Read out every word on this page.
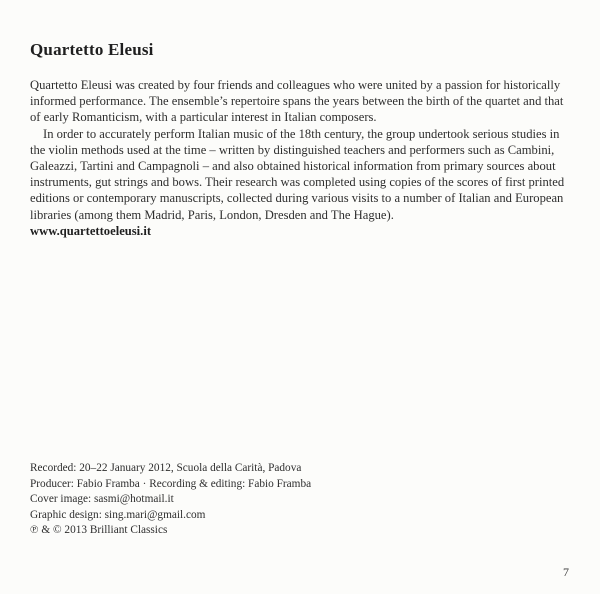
Quartetto Eleusi

Quartetto Eleusi was created by four friends and colleagues who were united by a passion for historically informed performance. The ensemble’s repertoire spans the years between the birth of the quartet and that of early Romanticism, with a particular interest in Italian composers.

In order to accurately perform Italian music of the 18th century, the group undertook serious studies in the violin methods used at the time – written by distinguished teachers and performers such as Cambini, Galeazzi, Tartini and Campagnoli – and also obtained historical information from primary sources about instruments, gut strings and bows. Their research was completed using copies of the scores of first printed editions or contemporary manuscripts, collected during various visits to a number of Italian and European libraries (among them Madrid, Paris, London, Dresden and The Hague).

www.quartettoeleusi.it

Recorded: 20–22 January 2012, Scuola della Carità, Padova
Producer: Fabio Framba · Recording & editing: Fabio Framba
Cover image: sasmi@hotmail.it
Graphic design: sing.mari@gmail.com
℗ & © 2013 Brilliant Classics
7
